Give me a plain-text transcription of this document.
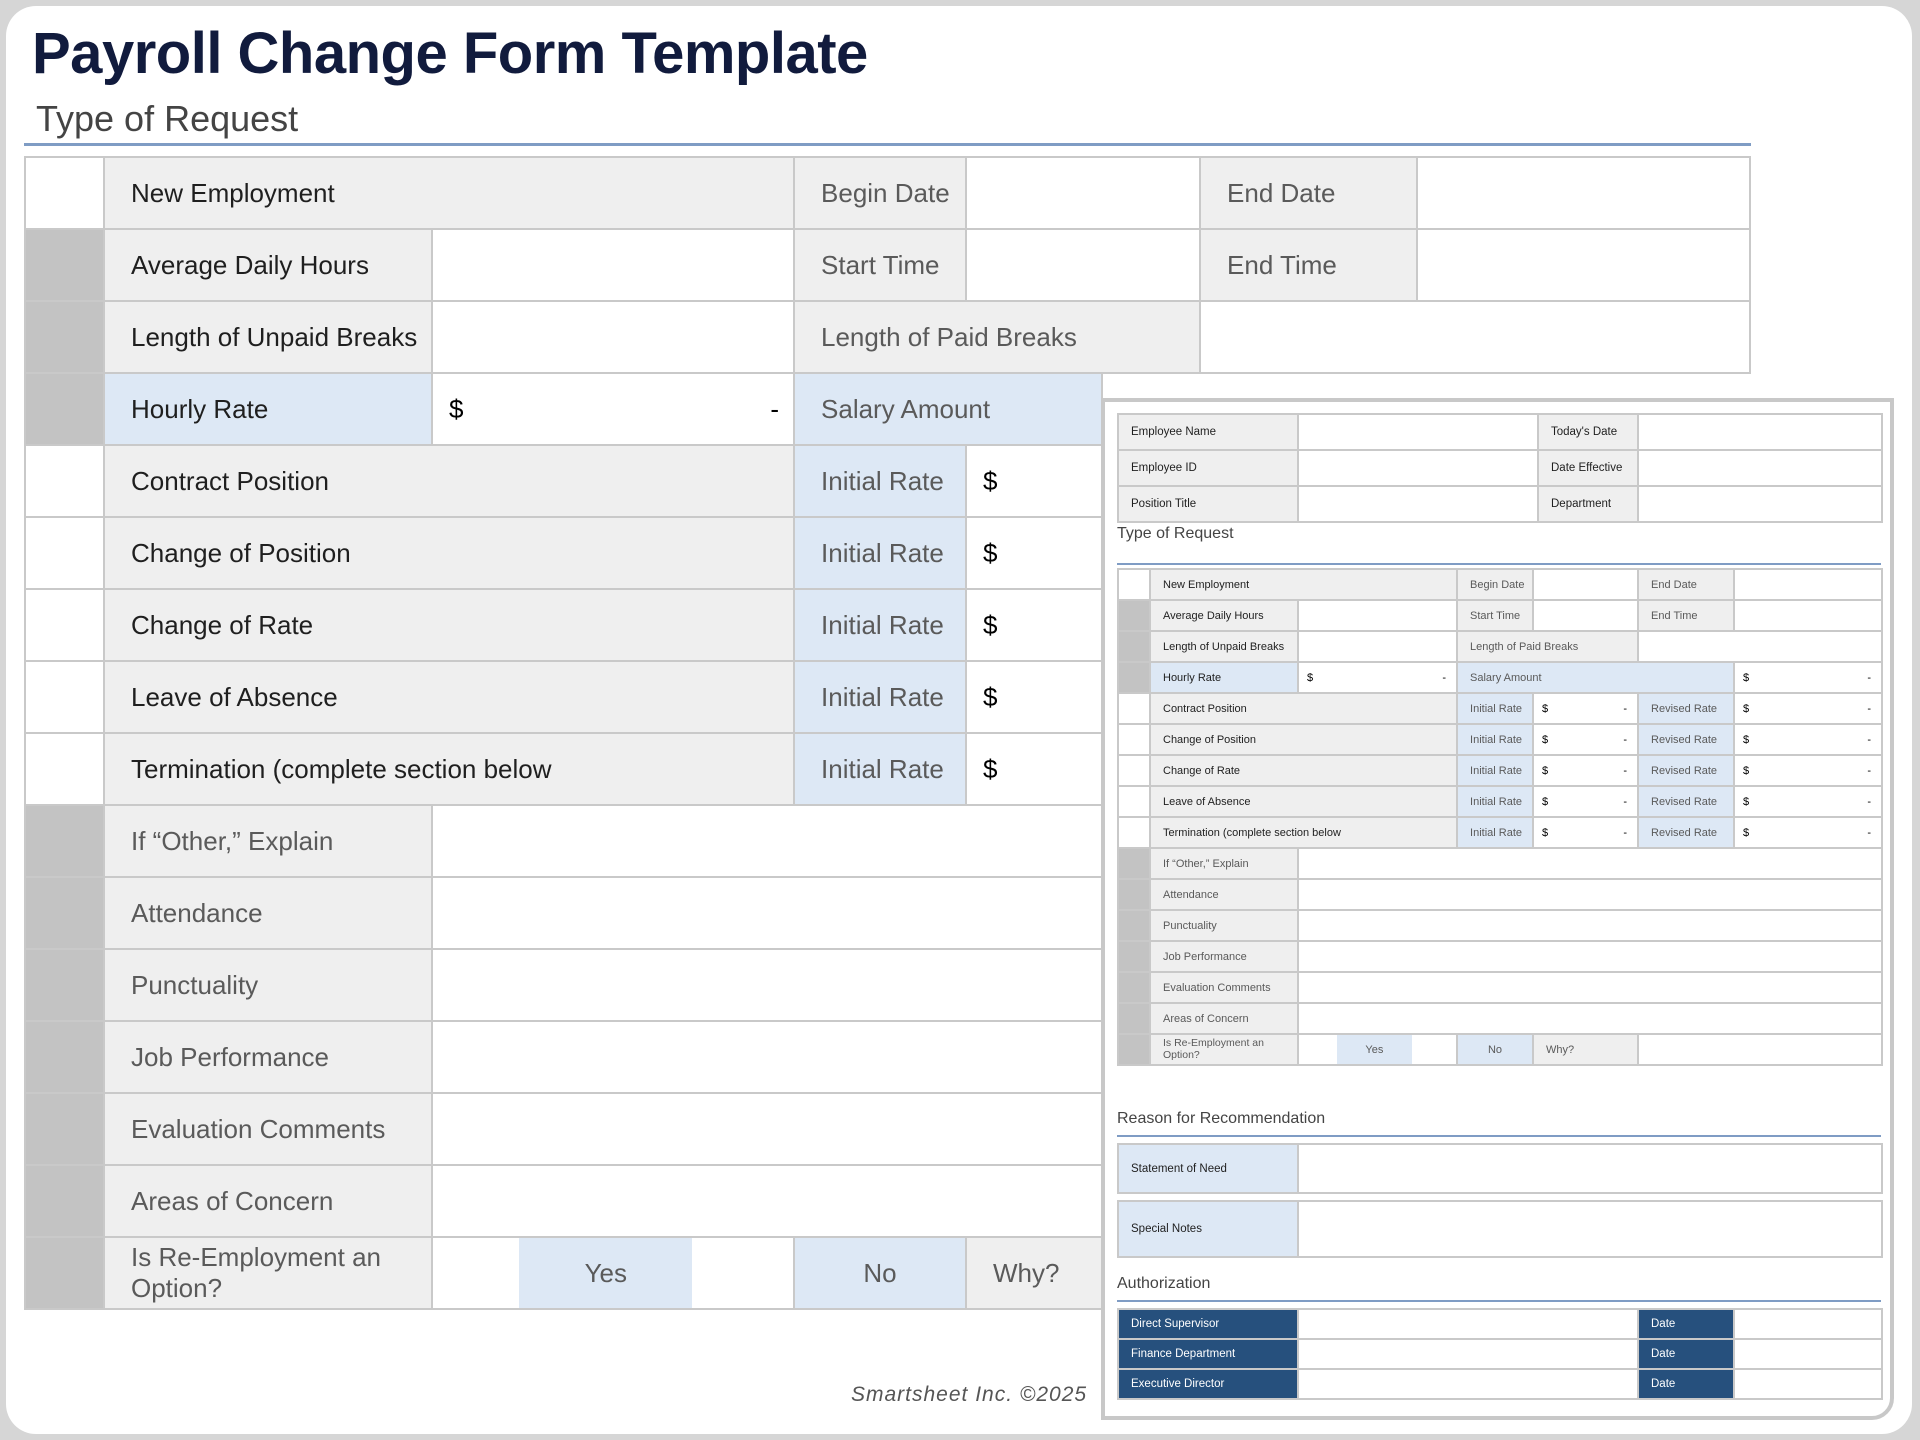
Payroll Change Form Template
Type of Request
	New Employment		Begin Date		End Date	
	Average Daily Hours		Start Time		End Time	
	Length of Unpaid Breaks		Length of Paid Breaks			
	Hourly Rate	$ -	Salary Amount			
	Contract Position		Initial Rate	$		

	Change of Position		Initial Rate	$		

	Change of Rate		Initial Rate	$		

	Leave of Absence		Initial Rate	$		

	Termination (complete section below		Initial Rate	$		

	If “Other,” Explain					
	Attendance					
	Punctuality					
	Job Performance					
	Evaluation Comments					
	Areas of Concern					
	Is Re-Employment an Option?	Yes	No	Why?		
Smartsheet Inc. ©2025
Employee Name		Today's Date	
Employee ID		Date Effective	
Position Title		Department	
Type of Request
	New Employment		Begin Date		End Date	
	Average Daily Hours		Start Time		End Time	
	Length of Unpaid Breaks		Length of Paid Breaks			
	Hourly Rate	$ -	Salary Amount			$ -

	Contract Position		Initial Rate	$ -	Revised Rate	$ -

	Change of Position		Initial Rate	$ -	Revised Rate	$ -

	Change of Rate		Initial Rate	$ -	Revised Rate	$ -

	Leave of Absence		Initial Rate	$ -	Revised Rate	$ -

	Termination (complete section below		Initial Rate	$ -	Revised Rate	$ -

	If “Other,” Explain					
	Attendance					
	Punctuality					
	Job Performance					
	Evaluation Comments					
	Areas of Concern					
	Is Re-Employment an Option?	Yes	No	Why?		
Reason for Recommendation
Statement of Need	

Special Notes	
Authorization
Direct Supervisor		Date	
Finance Department		Date	
Executive Director		Date	
